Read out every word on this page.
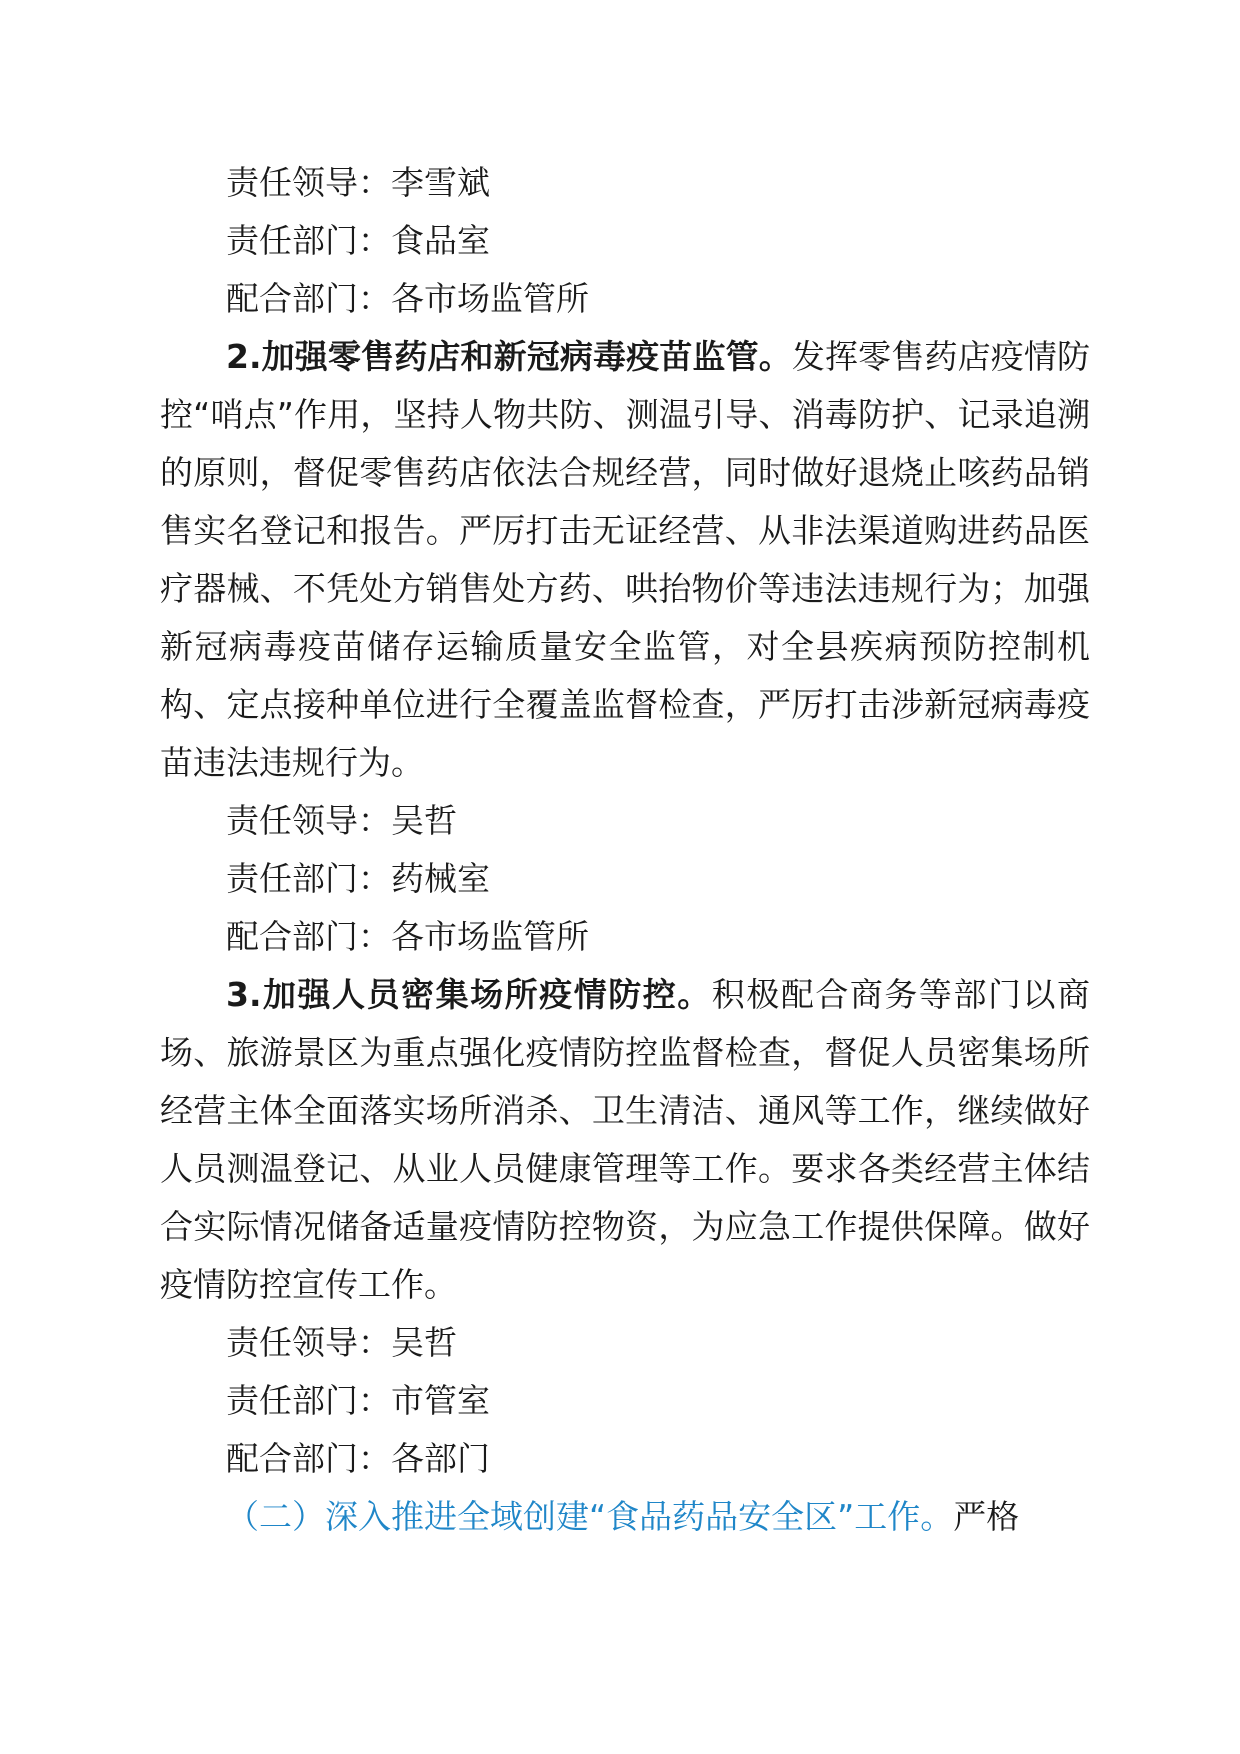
责任领导：李雪斌
责任部门：食品室
配合部门：各市场监管所

2.加强零售药店和新冠病毒疫苗监管。发挥零售药店疫情防控“哨点”作用，坚持人物共防、测温引导、消毒防护、记录追溯的原则，督促零售药店依法合规经营，同时做好退烧止咳药品销售实名登记和报告。严厉打击无证经营、从非法渠道购进药品医疗器械、不凭处方销售处方药、哄抬物价等违法违规行为；加强新冠病毒疫苗储存运输质量安全监管，对全县疾病预防控制机构、定点接种单位进行全覆盖监督检查，严厉打击涉新冠病毒疫苗违法违规行为。

责任领导：吴哲
责任部门：药械室
配合部门：各市场监管所

3.加强人员密集场所疫情防控。积极配合商务等部门以商场、旅游景区为重点强化疫情防控监督检查，督促人员密集场所经营主体全面落实场所消杀、卫生清洁、通风等工作，继续做好人员测温登记、从业人员健康管理等工作。要求各类经营主体结合实际情况储备适量疫情防控物资，为应急工作提供保障。做好疫情防控宣传工作。

责任领导：吴哲
责任部门：市管室
配合部门：各部门
（二）深入推进全域创建“食品药品安全区”工作。严格
